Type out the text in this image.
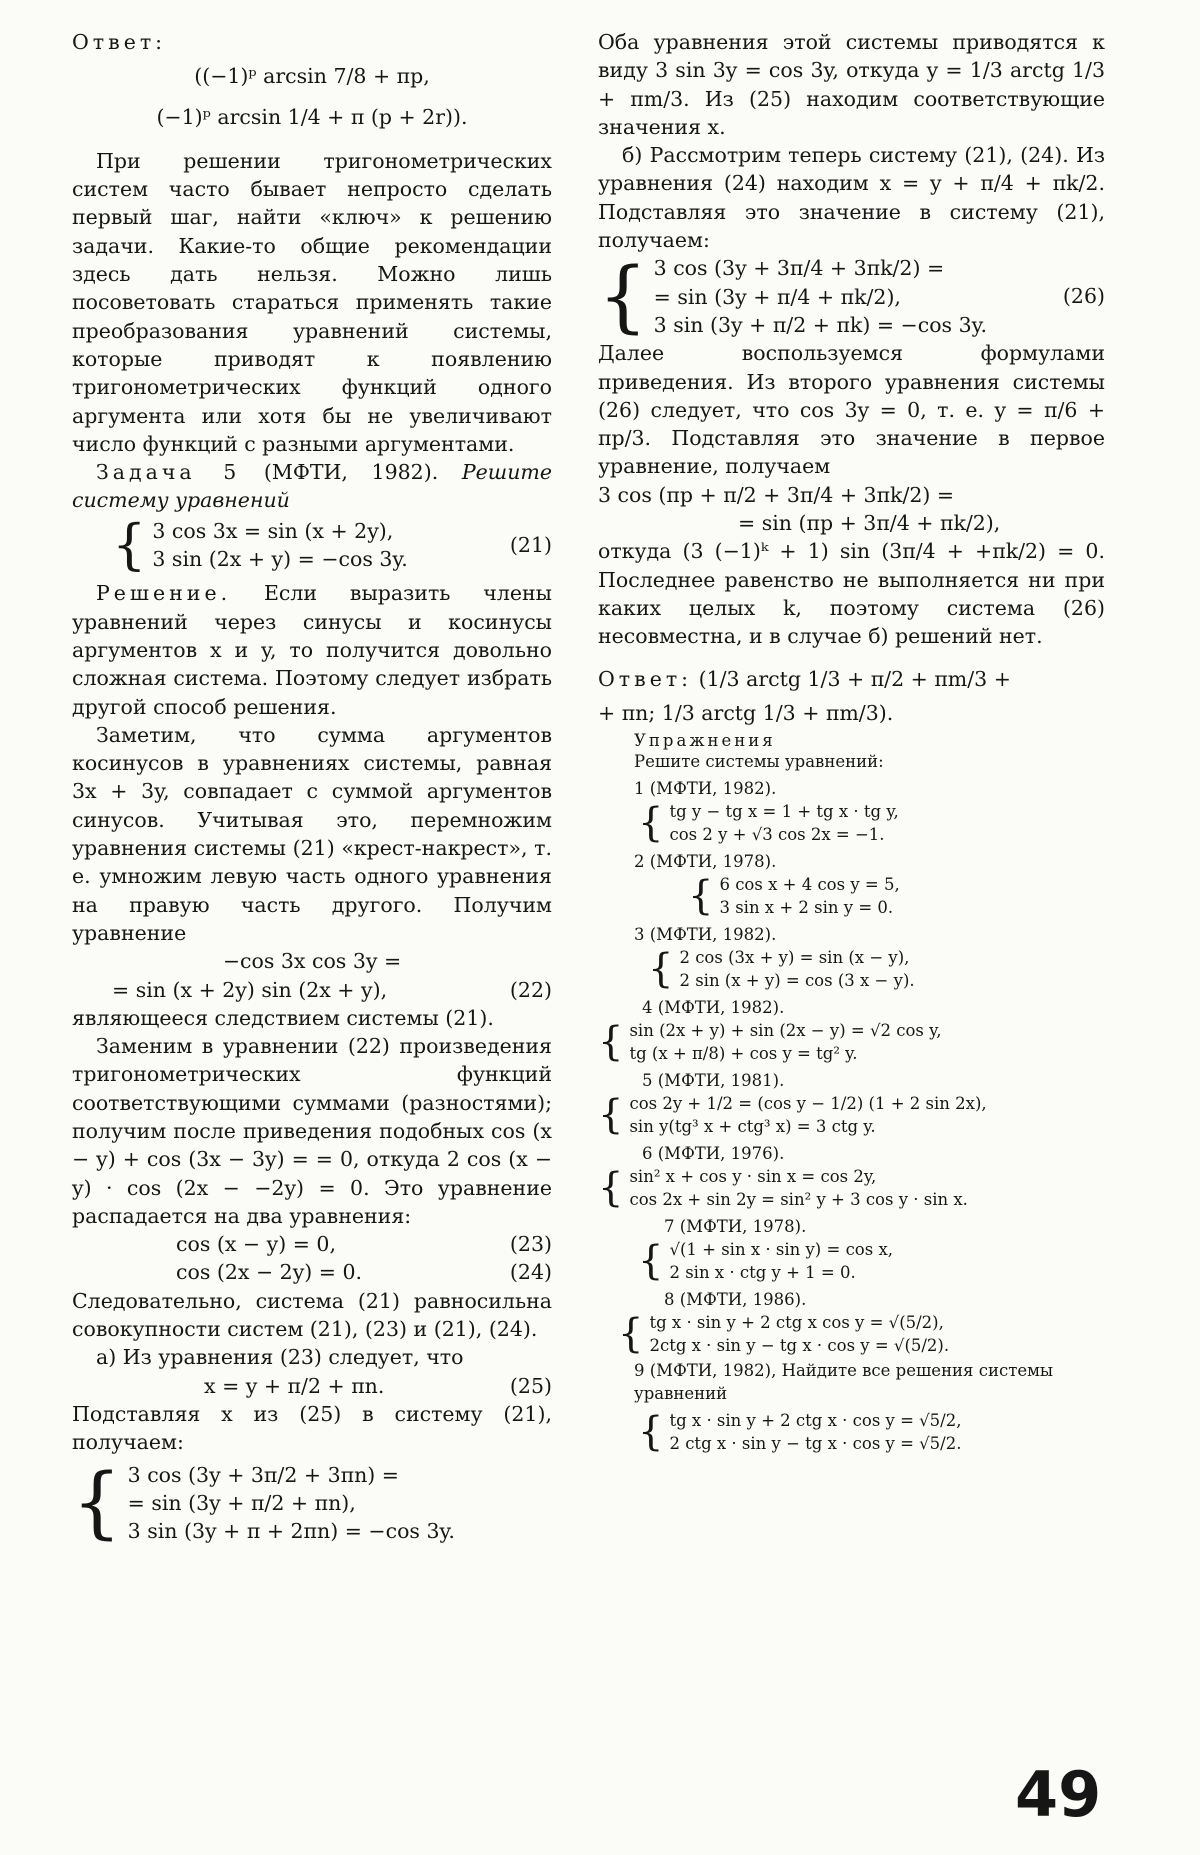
Ответ:

((−1)ᵖ arcsin 7/8 + πp,
(−1)ᵖ arcsin 1/4 + π (p + 2r)).

При решении тригонометрических систем часто бывает непросто сделать первый шаг, найти «ключ» к решению задачи. Какие-то общие рекомендации здесь дать нельзя. Можно лишь посоветовать стараться применять такие преобразования уравнений системы, которые приводят к появлению тригонометрических функций одного аргумента или хотя бы не увеличивают число функций с разными аргументами.

Задача 5 (МФТИ, 1982). Решите систему уравнений

{ 3 cos 3x = sin (x + 2y),
3 sin (2x + y) = −cos 3y.
(21)

Решение. Если выразить члены уравнений через синусы и косинусы аргументов x и y, то получится довольно сложная система. Поэтому следует избрать другой способ решения.

Заметим, что сумма аргументов косинусов в уравнениях системы, равная 3x + 3y, совпадает с суммой аргументов синусов. Учитывая это, перемножим уравнения системы (21) «крест-накрест», т. е. умножим левую часть одного уравнения на правую часть другого. Получим уравнение

−cos 3x cos 3y =
= sin (x + 2y) sin (2x + y),	(22)

являющееся следствием системы (21).

Заменим в уравнении (22) произведения тригонометрических функций соответствующими суммами (разностями); получим после приведения подобных cos (x − y) + cos (3x − 3y) = = 0, откуда 2 cos (x − y) · cos (2x − −2y) = 0. Это уравнение распадается на два уравнения:

cos (x − y) = 0,	(23)
cos (2x − 2y) = 0.	(24)

Следовательно, система (21) равносильна совокупности систем (21), (23) и (21), (24).

а) Из уравнения (23) следует, что

x = y + π/2 + πn.	(25)

Подставляя x из (25) в систему (21), получаем:

{ 3 cos (3y + 3π/2 + 3πn) =
= sin (3y + π/2 + πn),
3 sin (3y + π + 2πn) = −cos 3y.

Оба уравнения этой системы приводятся к виду 3 sin 3y = cos 3y, откуда y = 1/3 arctg 1/3 + πm/3. Из (25) находим соответствующие значения x.

б) Рассмотрим теперь систему (21), (24). Из уравнения (24) находим x = y + π/4 + πk/2. Подставляя это значение в систему (21), получаем:

{ 3 cos (3y + 3π/4 + 3πk/2) =
= sin (3y + π/4 + πk/2),
3 sin (3y + π/2 + πk) = −cos 3y.
(26)

Далее воспользуемся формулами приведения. Из второго уравнения системы (26) следует, что cos 3y = 0, т. е. y = π/6 + πp/3. Подставляя это значение в первое уравнение, получаем

3 cos (πp + π/2 + 3π/4 + 3πk/2) =
= sin (πp + 3π/4 + πk/2),

откуда (3 (−1)ᵏ + 1) sin (3π/4 + +πk/2) = 0. Последнее равенство не выполняется ни при каких целых k, поэтому система (26) несовместна, и в случае б) решений нет.

Ответ: (1/3 arctg 1/3 + π/2 + πm/3 +
+ πn; 1/3 arctg 1/3 + πm/3).
Упражнения
Решите системы уравнений:
1 (МФТИ, 1982).
{ tg y − tg x = 1 + tg x · tg y,
cos 2 y + √3 cos 2x = −1.
2 (МФТИ, 1978).
{ 6 cos x + 4 cos y = 5,
3 sin x + 2 sin y = 0.
3 (МФТИ, 1982).
{ 2 cos (3x + y) = sin (x − y),
2 sin (x + y) = cos (3 x − y).
4 (МФТИ, 1982).
{ sin (2x + y) + sin (2x − y) = √2 cos y,
tg (x + π/8) + cos y = tg² y.
5 (МФТИ, 1981).
{ cos 2y + 1/2 = (cos y − 1/2) (1 + 2 sin 2x),
sin y(tg³ x + ctg³ x) = 3 ctg y.
6 (МФТИ, 1976).
{ sin² x + cos y · sin x = cos 2y,
cos 2x + sin 2y = sin² y + 3 cos y · sin x.
7 (МФТИ, 1978).
{ √(1 + sin x · sin y) = cos x,
2 sin x · ctg y + 1 = 0.
8 (МФТИ, 1986).
{ tg x · sin y + 2 ctg x cos y = √(5/2),
2ctg x · sin y − tg x · cos y = √(5/2).
9 (МФТИ, 1982), Найдите все решения системы уравнений
{ tg x · sin y + 2 ctg x · cos y = √5/2,
2 ctg x · sin y − tg x · cos y = √5/2.
49
